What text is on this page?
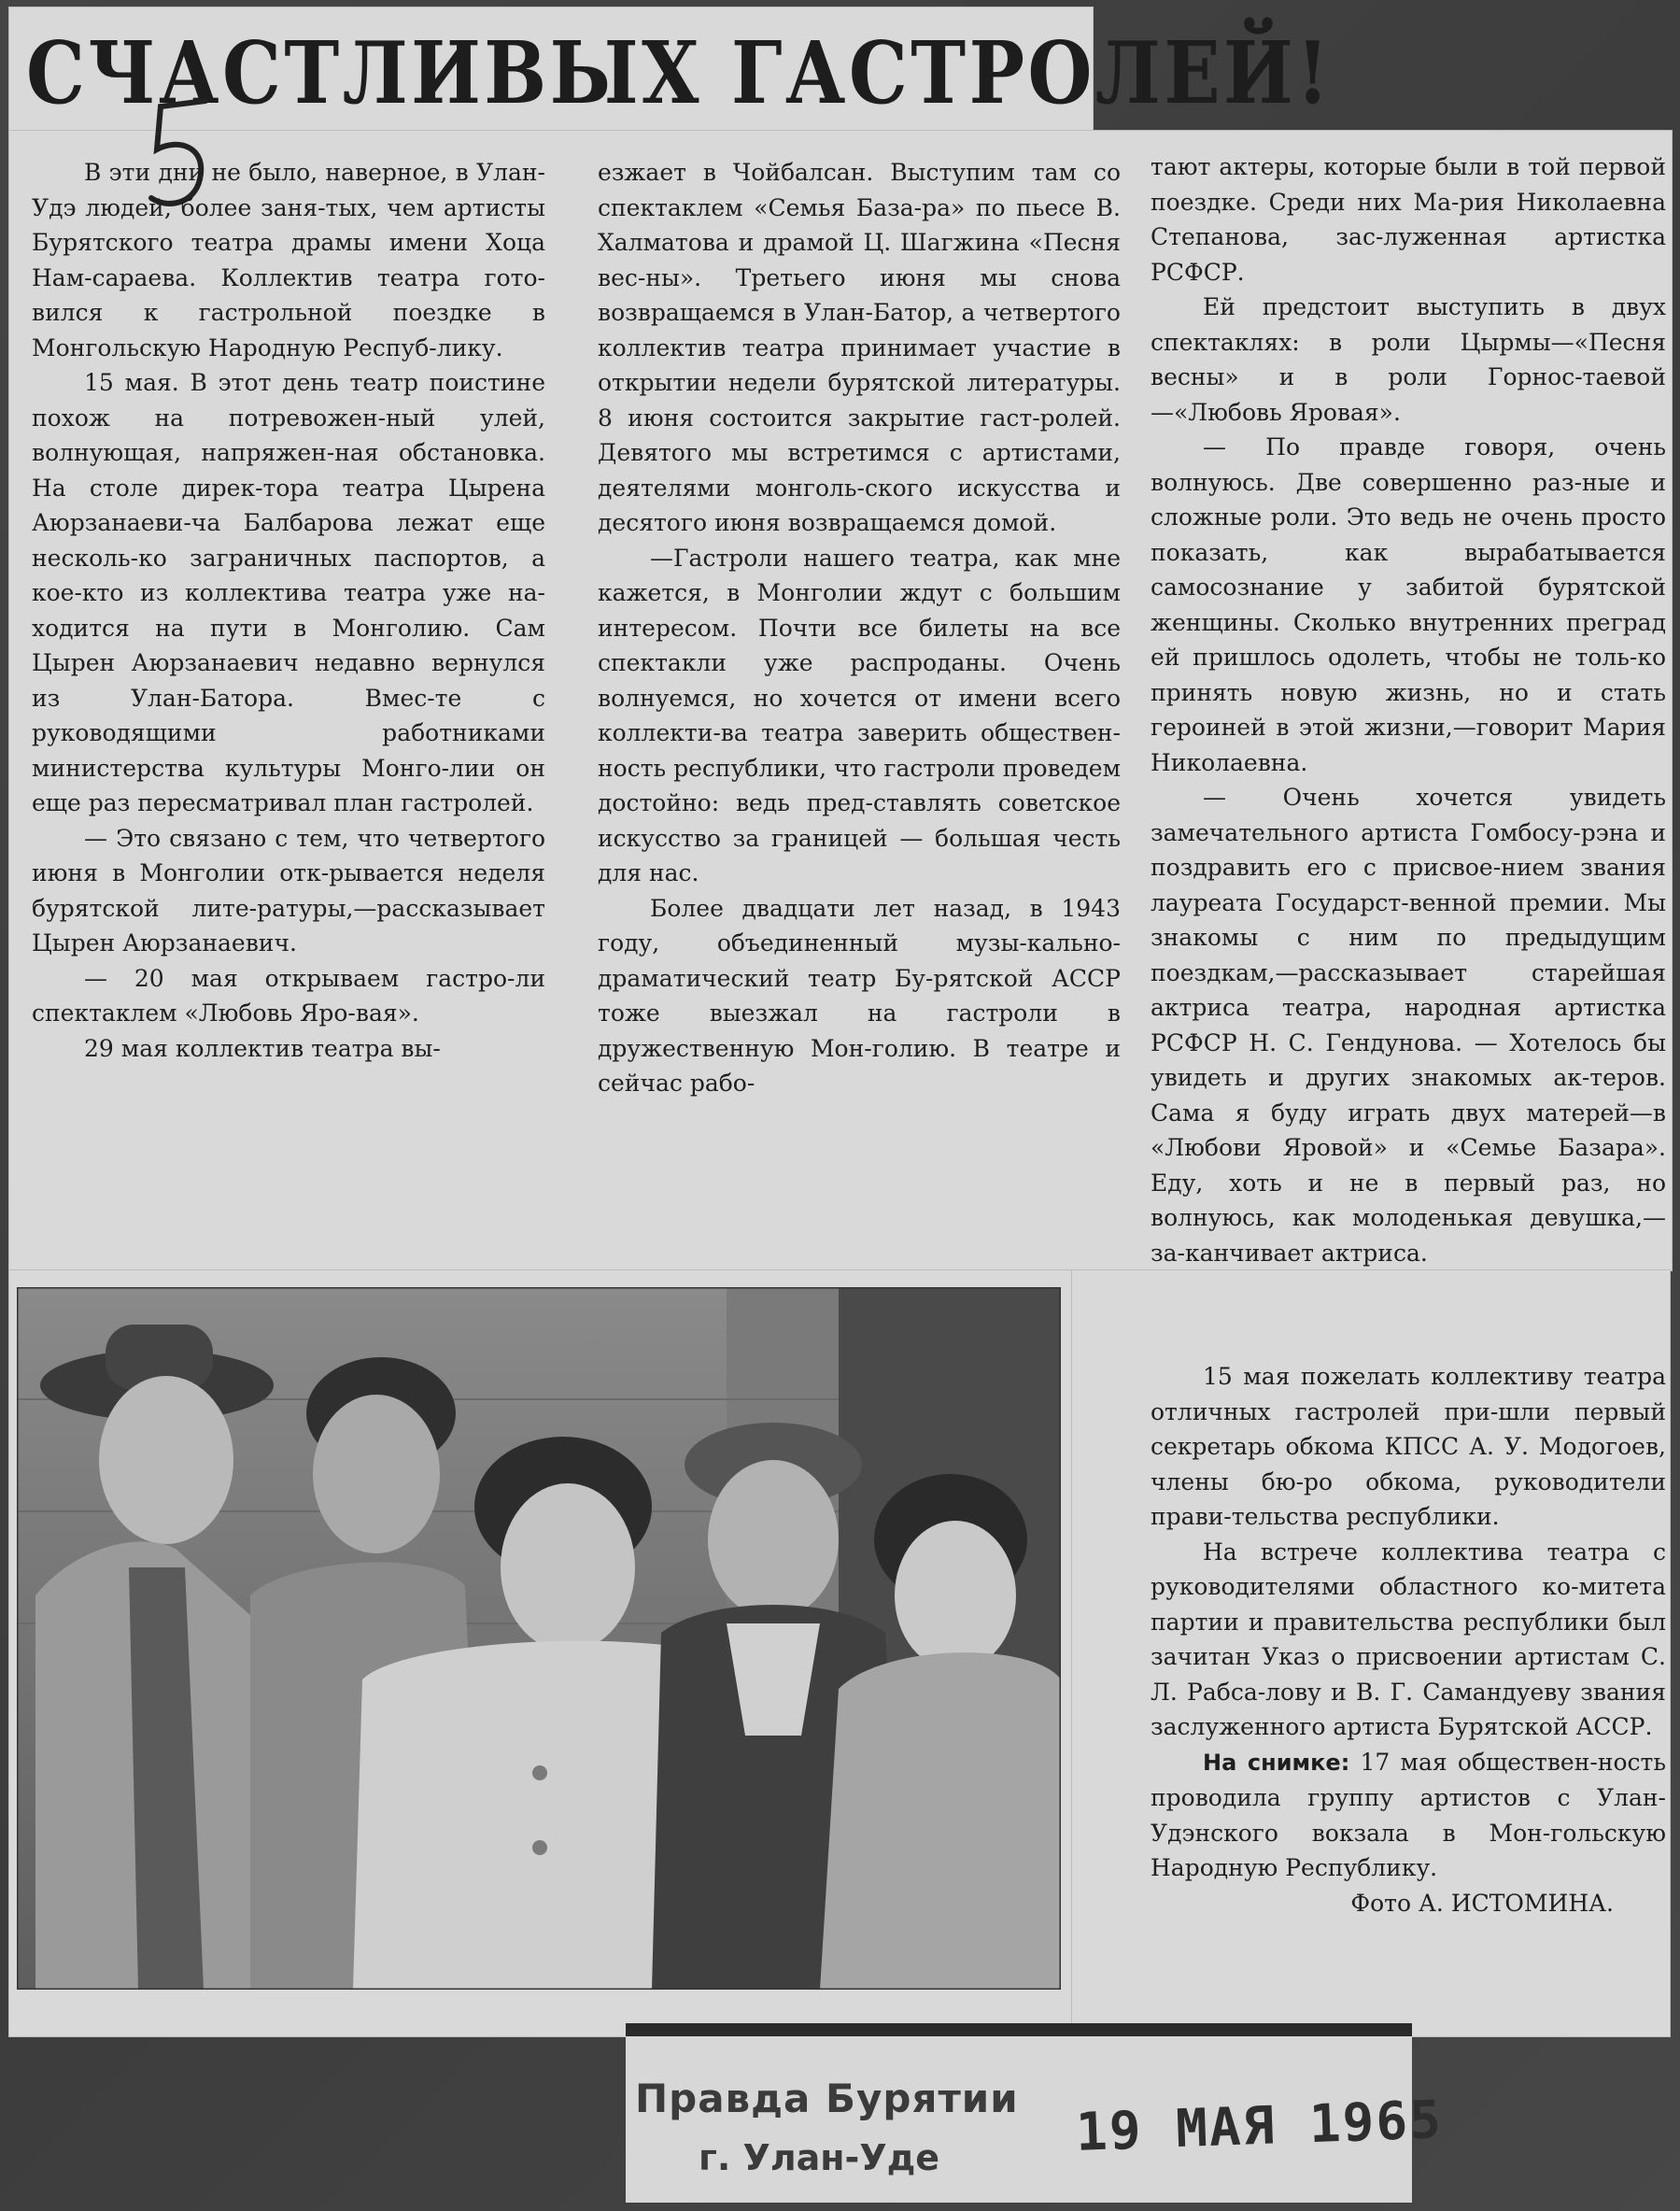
СЧАСТЛИВЫХ ГАСТРОЛЕЙ!

В эти дни не было, наверное, в Улан-Удэ людей, более заня-тых, чем артисты Бурятского театра драмы имени Хоца Нам-сараева. Коллектив театра гото-вился к гастрольной поездке в Монгольскую Народную Респуб-лику.

15 мая. В этот день театр поистине похож на потревожен-ный улей, волнующая, напряжен-ная обстановка. На столе дирек-тора театра Цырена Аюрзанаеви-ча Балбарова лежат еще несколь-ко заграничных паспортов, а кое-кто из коллектива театра уже на-ходится на пути в Монголию. Сам Цырен Аюрзанаевич недавно вернулся из Улан-Батора. Вмес-те с руководящими работниками министерства культуры Монго-лии он еще раз пересматривал план гастролей.

— Это связано с тем, что четвертого июня в Монголии отк-рывается неделя бурятской лите-ратуры,—рассказывает Цырен Аюрзанаевич.

— 20 мая открываем гастро-ли спектаклем «Любовь Яро-вая».

29 мая коллектив театра вы-

езжает в Чойбалсан. Выступим там со спектаклем «Семья База-ра» по пьесе В. Халматова и драмой Ц. Шагжина «Песня вес-ны». Третьего июня мы снова возвращаемся в Улан-Батор, а четвертого коллектив театра принимает участие в открытии недели бурятской литературы. 8 июня состоится закрытие гаст-ролей. Девятого мы встретимся с артистами, деятелями монголь-ского искусства и десятого июня возвращаемся домой.

—Гастроли нашего театра, как мне кажется, в Монголии ждут с большим интересом. Почти все билеты на все спектакли уже распроданы. Очень волнуемся, но хочется от имени всего коллекти-ва театра заверить обществен-ность республики, что гастроли проведем достойно: ведь пред-ставлять советское искусство за границей — большая честь для нас.

Более двадцати лет назад, в 1943 году, объединенный музы-кально-драматический театр Бу-рятской АССР тоже выезжал на гастроли в дружественную Мон-голию. В театре и сейчас рабо-

тают актеры, которые были в той первой поездке. Среди них Ма-рия Николаевна Степанова, зас-луженная артистка РСФСР.

Ей предстоит выступить в двух спектаклях: в роли Цырмы—«Песня весны» и в роли Горнос-таевой—«Любовь Яровая».

— По правде говоря, очень волнуюсь. Две совершенно раз-ные и сложные роли. Это ведь не очень просто показать, как вырабатывается самосознание у забитой бурятской женщины. Сколько внутренних преград ей пришлось одолеть, чтобы не толь-ко принять новую жизнь, но и стать героиней в этой жизни,—говорит Мария Николаевна.

— Очень хочется увидеть замечательного артиста Гомбосу-рэна и поздравить его с присвое-нием звания лауреата Государст-венной премии. Мы знакомы с ним по предыдущим поездкам,—рассказывает старейшая актриса театра, народная артистка РСФСР Н. С. Гендунова. — Хотелось бы увидеть и других знакомых ак-теров. Сама я буду играть двух матерей—в «Любови Яровой» и «Семье Базара». Еду, хоть и не в первый раз, но волнуюсь, как молоденькая девушка,—за-канчивает актриса.

15 мая пожелать коллективу театра отличных гастролей при-шли первый секретарь обкома КПСС А. У. Модогоев, члены бю-ро обкома, руководители прави-тельства республики.

На встрече коллектива театра с руководителями областного ко-митета партии и правительства республики был зачитан Указ о присвоении артистам С. Л. Рабса-лову и В. Г. Самандуеву звания заслуженного артиста Бурятской АССР.

На снимке: 17 мая обществен-ность проводила группу артистов с Улан-Удэнского вокзала в Мон-гольскую Народную Республику.

Фото А. ИСТОМИНА.

Правда Бурятии
г. Улан-Уде	19 МАЯ 1965
